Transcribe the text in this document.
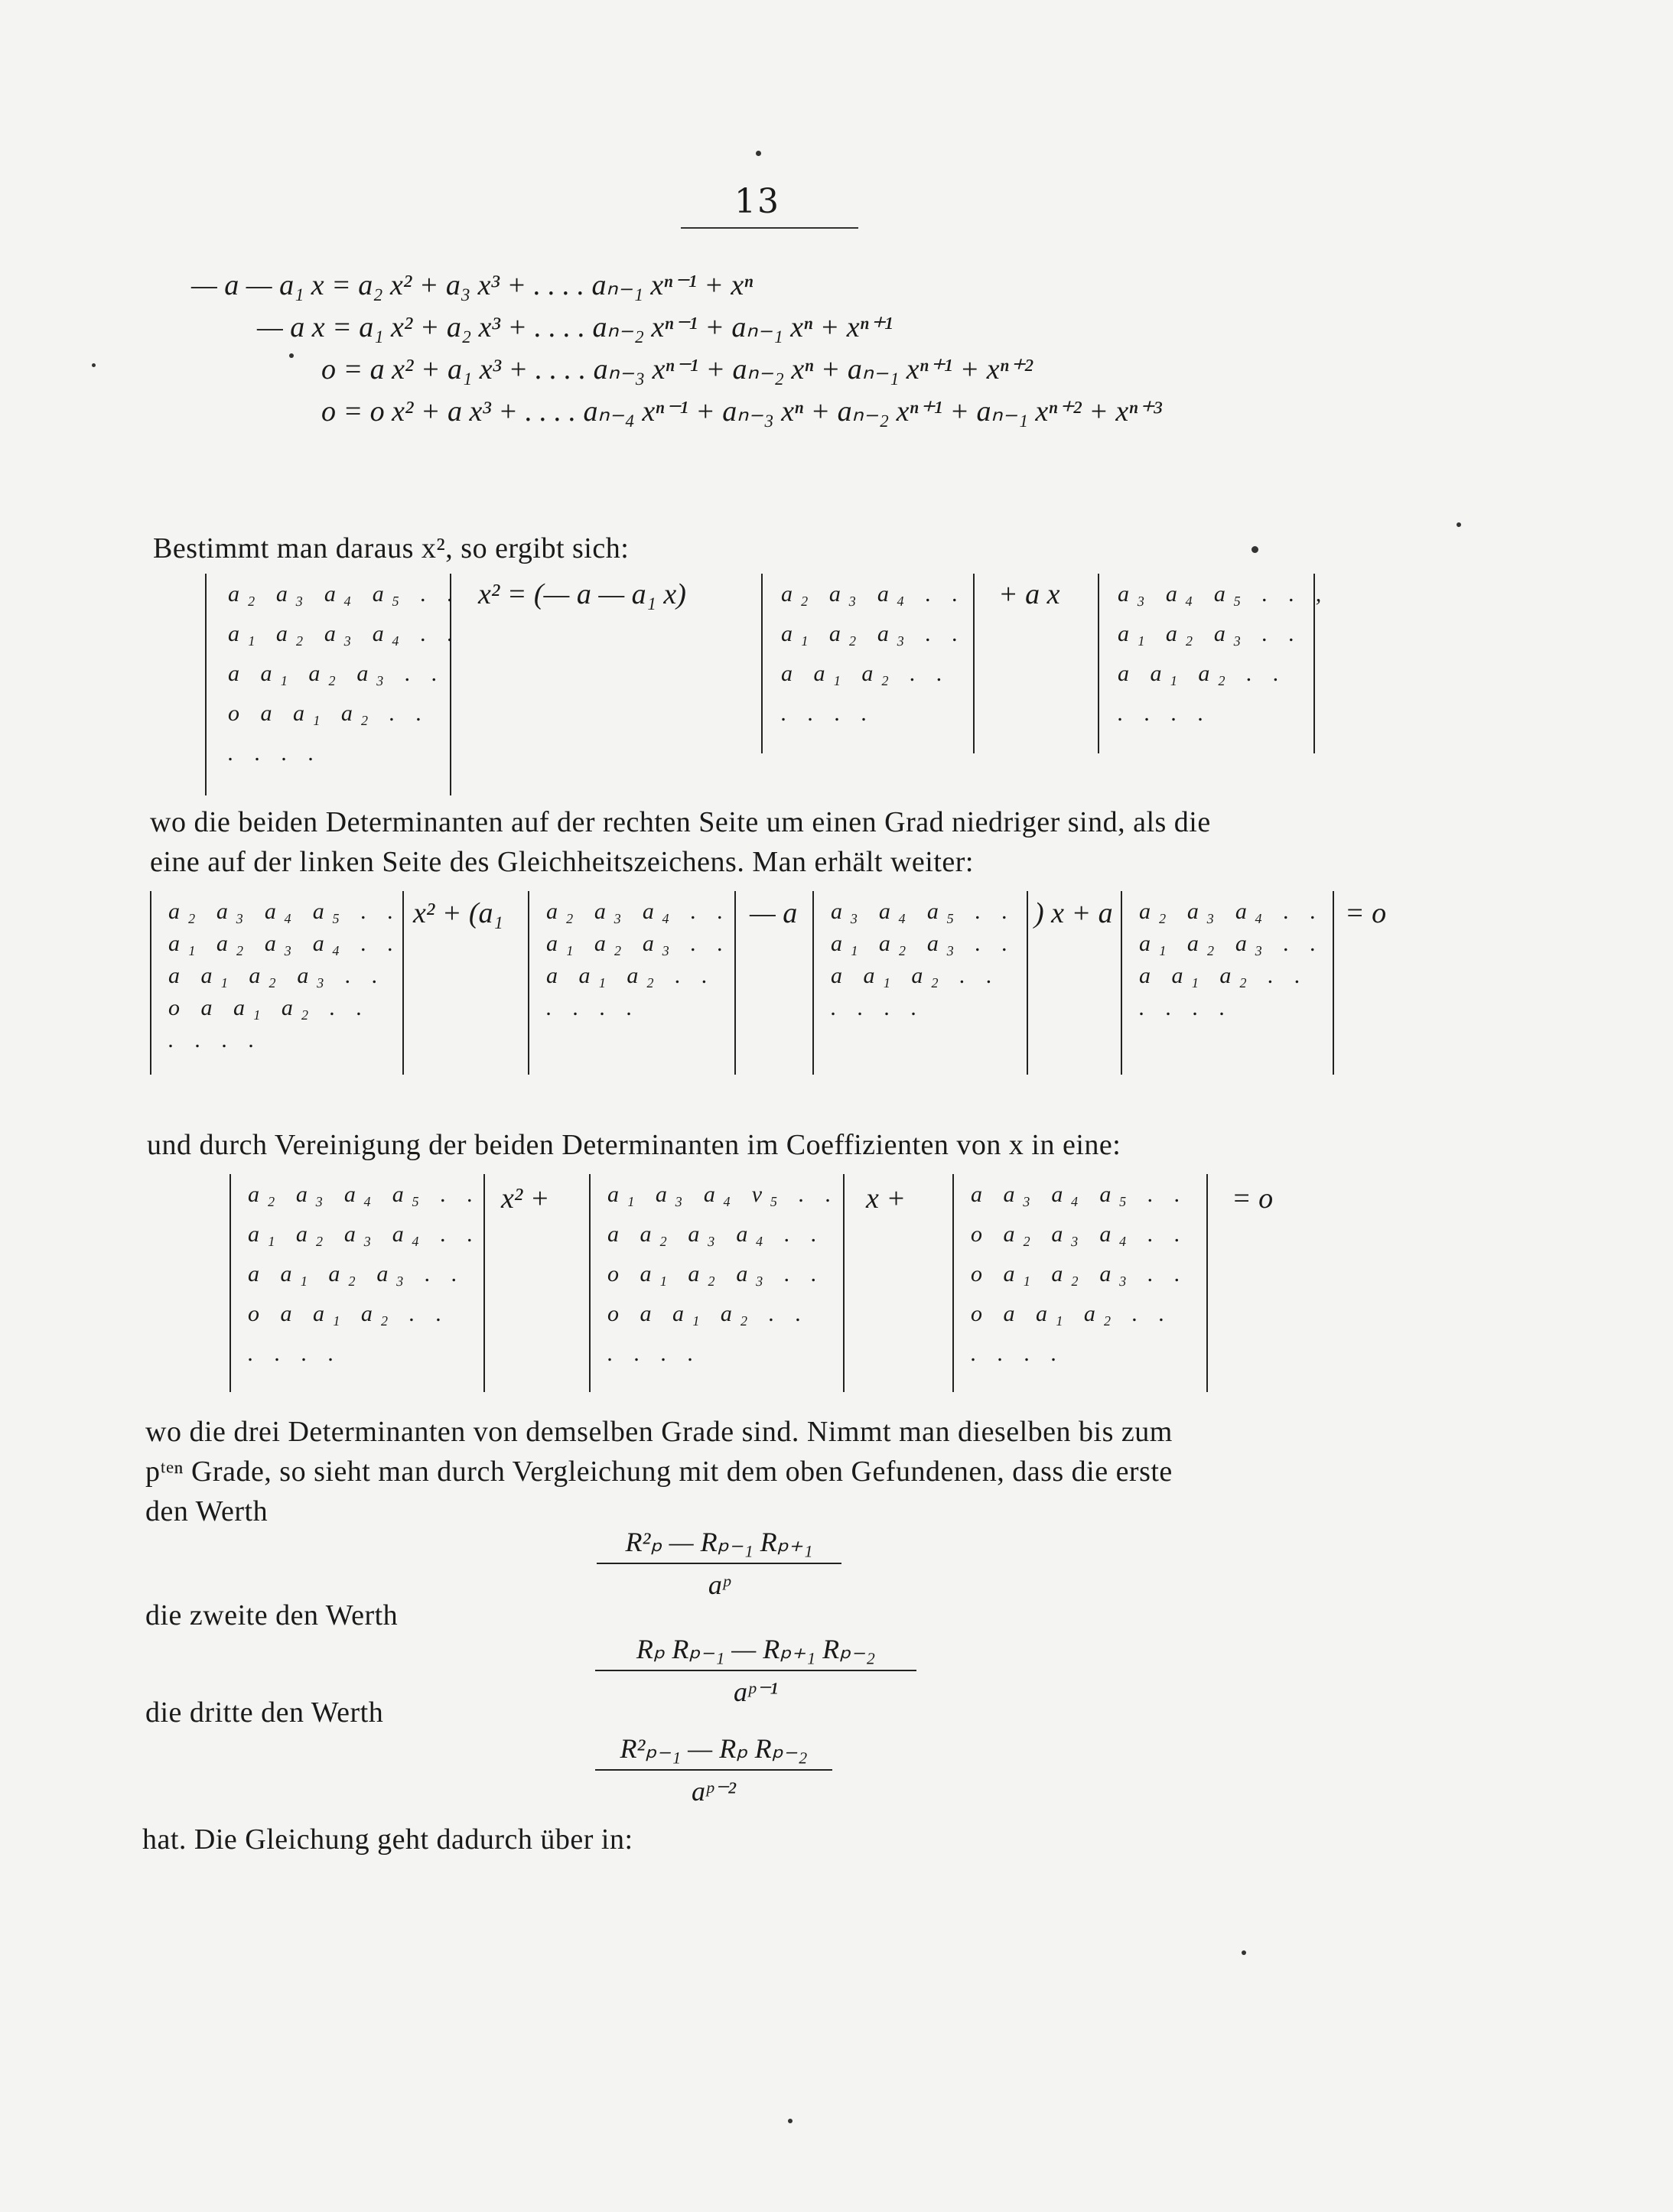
13
— a — a₁ x = a₂ x² + a₃ x³ + . . . . aₙ₋₁ xⁿ⁻¹ + xⁿ
— a x = a₁ x² + a₂ x³ + . . . . aₙ₋₂ xⁿ⁻¹ + aₙ₋₁ xⁿ + xⁿ⁺¹
o = a x² + a₁ x³ + . . . . aₙ₋₃ xⁿ⁻¹ + aₙ₋₂ xⁿ + aₙ₋₁ xⁿ⁺¹ + xⁿ⁺²
o = o x² + a x³ + . . . . aₙ₋₄ xⁿ⁻¹ + aₙ₋₃ xⁿ + aₙ₋₂ xⁿ⁺¹ + aₙ₋₁ xⁿ⁺² + xⁿ⁺³
Bestimmt man daraus x², so ergibt sich:
a₂ a₃ a₄ a₅ . .
a₁ a₂ a₃ a₄ . .
a a₁ a₂ a₃ . .
o a a₁ a₂ . .
. . . .
x² = (— a — a₁ x)	a₂ a₃ a₄ . .
a₁ a₂ a₃ . .
a a₁ a₂ . .
. . . .
+ a x	a₃ a₄ a₅ . . ,
a₁ a₂ a₃ . .
a a₁ a₂ . .
. . . .
wo die beiden Determinanten auf der rechten Seite um einen Grad niedriger sind, als die
eine auf der linken Seite des Gleichheitszeichens. Man erhält weiter:
a₂ a₃ a₄ a₅ . .
a₁ a₂ a₃ a₄ . .
a a₁ a₂ a₃ . .
o a a₁ a₂ . .
. . . .
x² + (a₁ a₂ a₃ a₄ . .
a₁ a₂ a₃ . .
a a₁ a₂ . .
. . . .
— a a₃ a₄ a₅ . .
a₁ a₂ a₃ . .
a a₁ a₂ . .
. . . .
) x + a a₂ a₃ a₄ . .
a₁ a₂ a₃ . .
a a₁ a₂ . .
. . . .
= o
und durch Vereinigung der beiden Determinanten im Coeffizienten von x in eine:
a₂ a₃ a₄ a₅ . .
a₁ a₂ a₃ a₄ . .
a a₁ a₂ a₃ . .
o a a₁ a₂ . .
. . . .
x² +	a₁ a₃ a₄ v₅ . .
a a₂ a₃ a₄ . .
o a₁ a₂ a₃ . .
o a a₁ a₂ . .
. . . .
x +	a a₃ a₄ a₅ . .
o a₂ a₃ a₄ . .
o a₁ a₂ a₃ . .
o a a₁ a₂ . .
. . . .
= o
wo die drei Determinanten von demselben Grade sind. Nimmt man dieselben bis zum
pᵗᵉⁿ Grade, so sieht man durch Vergleichung mit dem oben Gefundenen, dass die erste
den Werth
R²ₚ — Rₚ₋₁ Rₚ₊₁
aᵖ
die zweite den Werth
Rₚ Rₚ₋₁ — Rₚ₊₁ Rₚ₋₂
aᵖ⁻¹
die dritte den Werth
R²ₚ₋₁ — Rₚ Rₚ₋₂
aᵖ⁻²
hat. Die Gleichung geht dadurch über in:
